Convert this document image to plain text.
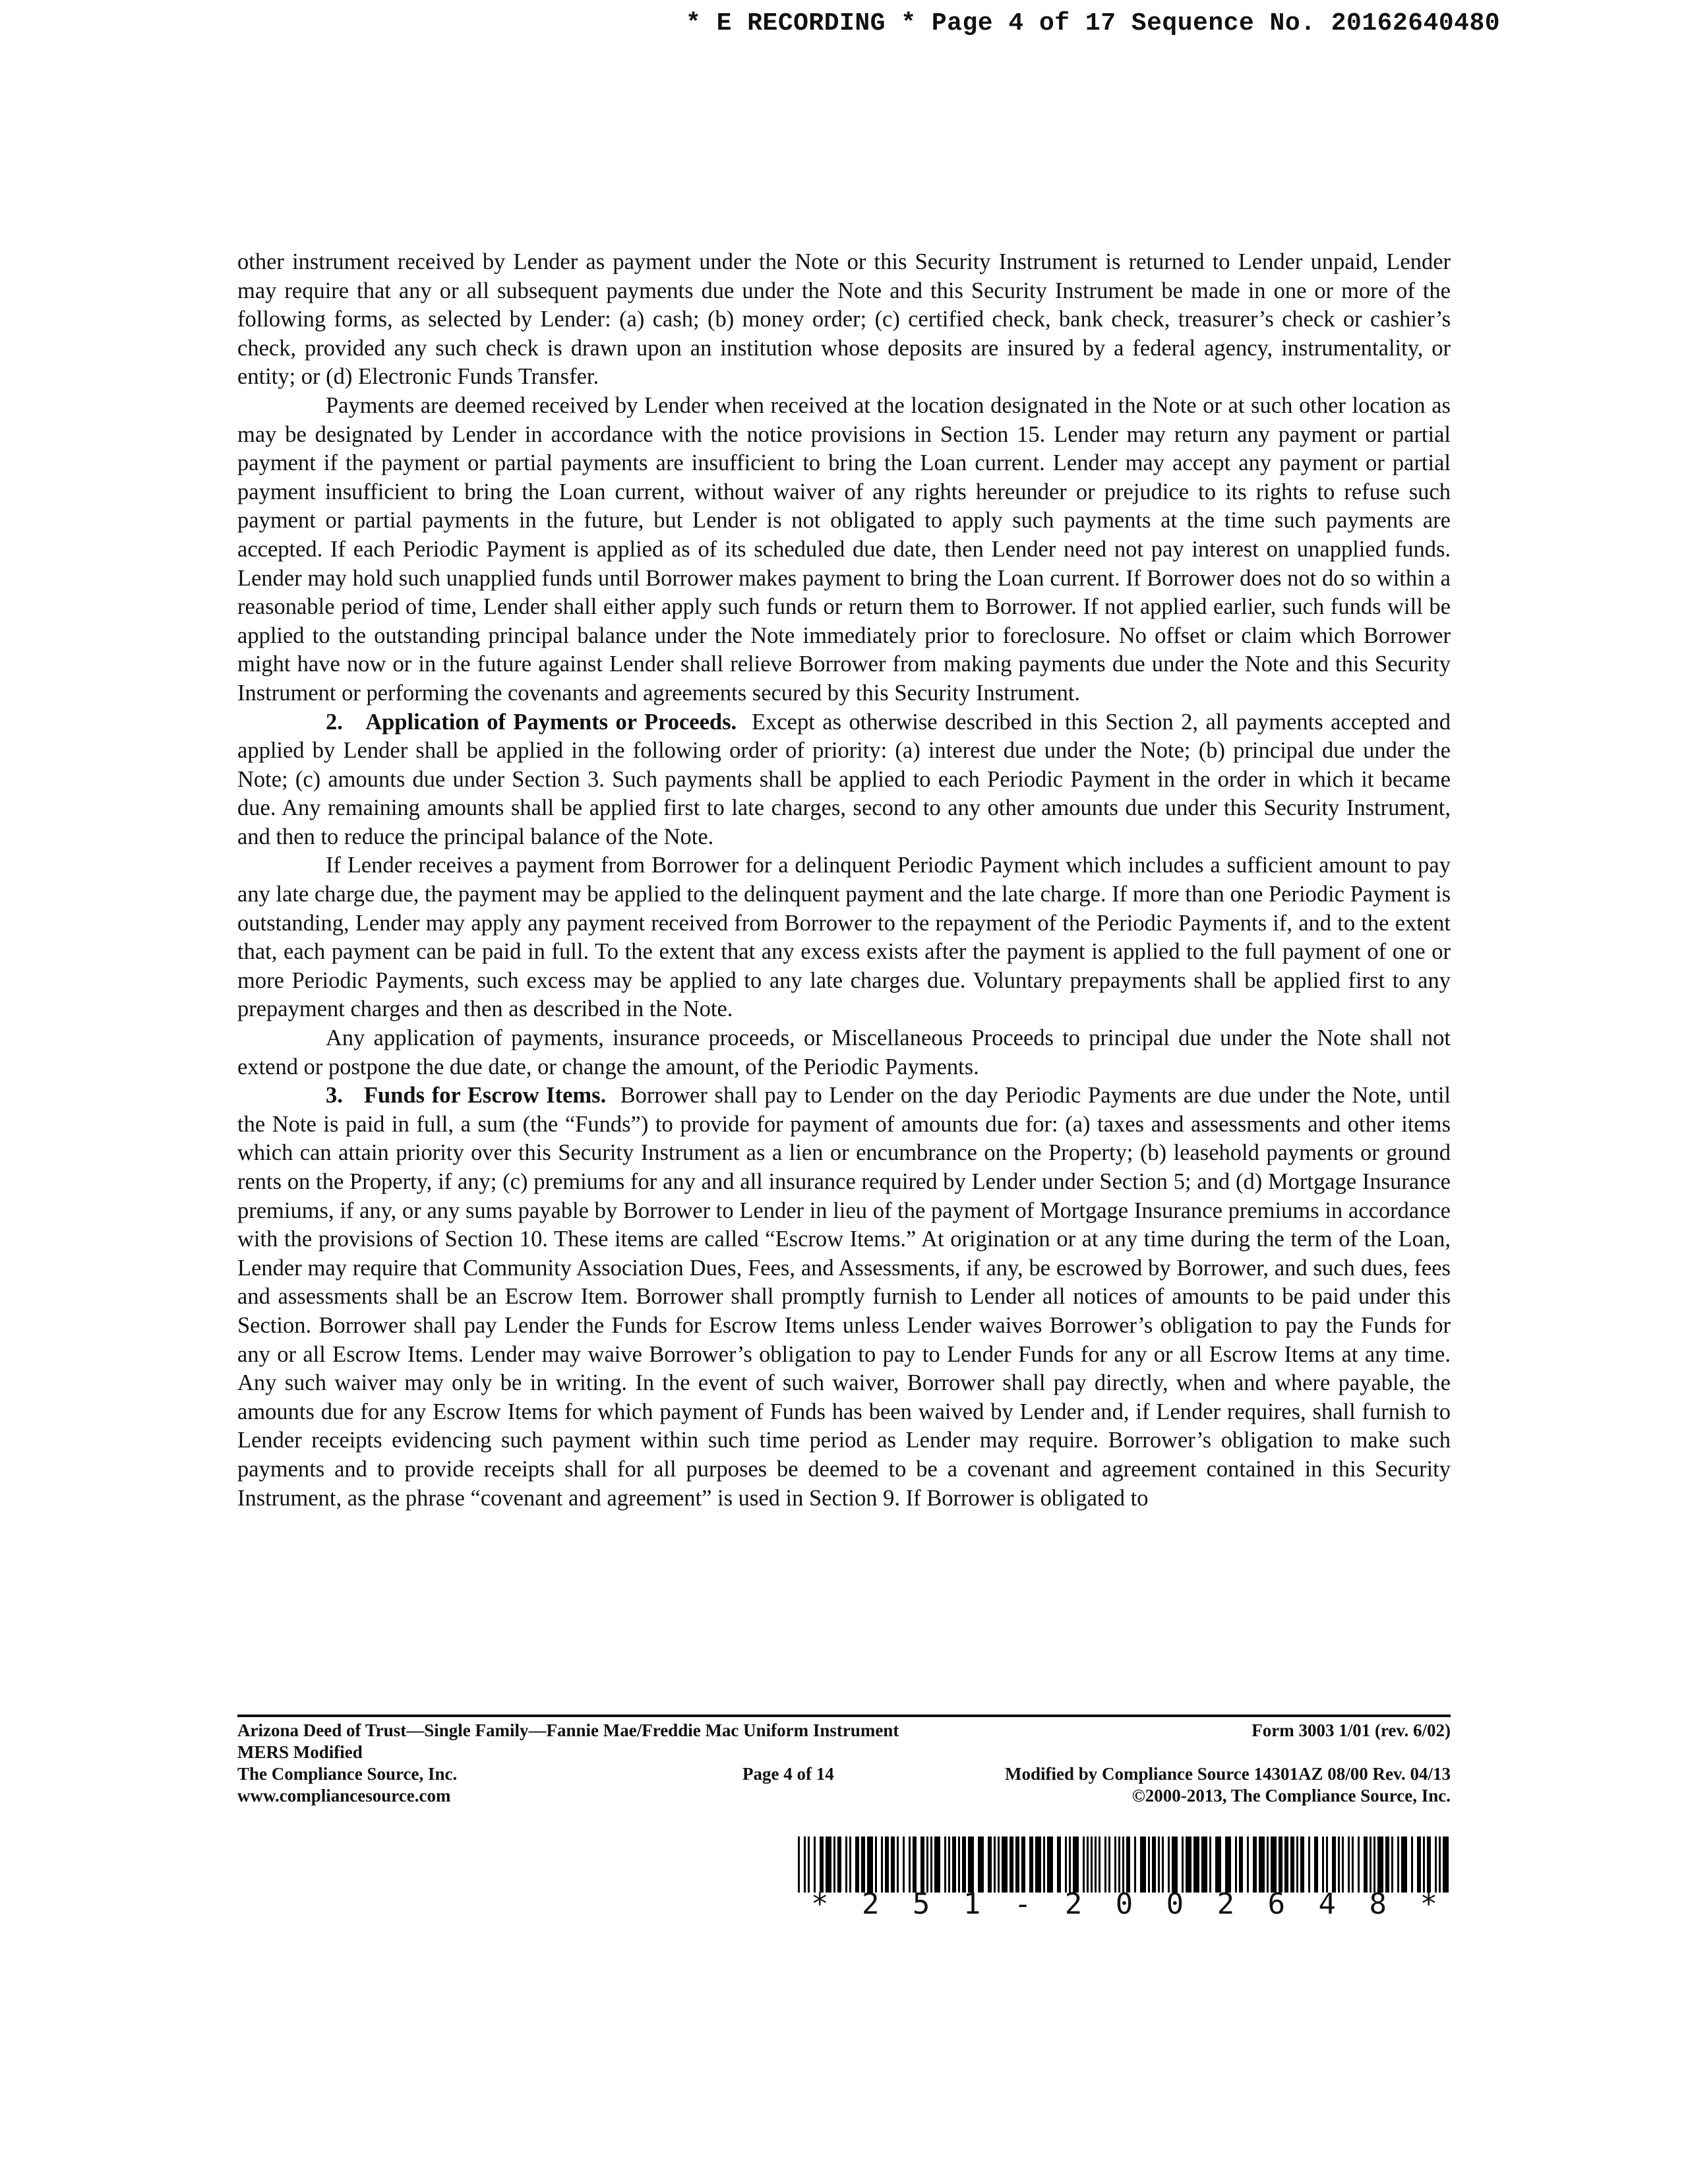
* E RECORDING * Page 4 of 17 Sequence No. 20162640480

other instrument received by Lender as payment under the Note or this Security Instrument is returned to Lender unpaid, Lender may require that any or all subsequent payments due under the Note and this Security Instrument be made in one or more of the following forms, as selected by Lender: (a) cash; (b) money order; (c) certified check, bank check, treasurer’s check or cashier’s check, provided any such check is drawn upon an institution whose deposits are insured by a federal agency, instrumentality, or entity; or (d) Electronic Funds Transfer.

Payments are deemed received by Lender when received at the location designated in the Note or at such other location as may be designated by Lender in accordance with the notice provisions in Section 15. Lender may return any payment or partial payment if the payment or partial payments are insufficient to bring the Loan current. Lender may accept any payment or partial payment insufficient to bring the Loan current, without waiver of any rights hereunder or prejudice to its rights to refuse such payment or partial payments in the future, but Lender is not obligated to apply such payments at the time such payments are accepted. If each Periodic Payment is applied as of its scheduled due date, then Lender need not pay interest on unapplied funds. Lender may hold such unapplied funds until Borrower makes payment to bring the Loan current. If Borrower does not do so within a reasonable period of time, Lender shall either apply such funds or return them to Borrower. If not applied earlier, such funds will be applied to the outstanding principal balance under the Note immediately prior to foreclosure. No offset or claim which Borrower might have now or in the future against Lender shall relieve Borrower from making payments due under the Note and this Security Instrument or performing the covenants and agreements secured by this Security Instrument.

2. Application of Payments or Proceeds. Except as otherwise described in this Section 2, all payments accepted and applied by Lender shall be applied in the following order of priority: (a) interest due under the Note; (b) principal due under the Note; (c) amounts due under Section 3. Such payments shall be applied to each Periodic Payment in the order in which it became due. Any remaining amounts shall be applied first to late charges, second to any other amounts due under this Security Instrument, and then to reduce the principal balance of the Note.

If Lender receives a payment from Borrower for a delinquent Periodic Payment which includes a sufficient amount to pay any late charge due, the payment may be applied to the delinquent payment and the late charge. If more than one Periodic Payment is outstanding, Lender may apply any payment received from Borrower to the repayment of the Periodic Payments if, and to the extent that, each payment can be paid in full. To the extent that any excess exists after the payment is applied to the full payment of one or more Periodic Payments, such excess may be applied to any late charges due. Voluntary prepayments shall be applied first to any prepayment charges and then as described in the Note.

Any application of payments, insurance proceeds, or Miscellaneous Proceeds to principal due under the Note shall not extend or postpone the due date, or change the amount, of the Periodic Payments.

3. Funds for Escrow Items. Borrower shall pay to Lender on the day Periodic Payments are due under the Note, until the Note is paid in full, a sum (the “Funds”) to provide for payment of amounts due for: (a) taxes and assessments and other items which can attain priority over this Security Instrument as a lien or encumbrance on the Property; (b) leasehold payments or ground rents on the Property, if any; (c) premiums for any and all insurance required by Lender under Section 5; and (d) Mortgage Insurance premiums, if any, or any sums payable by Borrower to Lender in lieu of the payment of Mortgage Insurance premiums in accordance with the provisions of Section 10. These items are called “Escrow Items.” At origination or at any time during the term of the Loan, Lender may require that Community Association Dues, Fees, and Assessments, if any, be escrowed by Borrower, and such dues, fees and assessments shall be an Escrow Item. Borrower shall promptly furnish to Lender all notices of amounts to be paid under this Section. Borrower shall pay Lender the Funds for Escrow Items unless Lender waives Borrower’s obligation to pay the Funds for any or all Escrow Items. Lender may waive Borrower’s obligation to pay to Lender Funds for any or all Escrow Items at any time. Any such waiver may only be in writing. In the event of such waiver, Borrower shall pay directly, when and where payable, the amounts due for any Escrow Items for which payment of Funds has been waived by Lender and, if Lender requires, shall furnish to Lender receipts evidencing such payment within such time period as Lender may require. Borrower’s obligation to make such payments and to provide receipts shall for all purposes be deemed to be a covenant and agreement contained in this Security Instrument, as the phrase “covenant and agreement” is used in Section 9. If Borrower is obligated to

Arizona Deed of Trust—Single Family—Fannie Mae/Freddie Mac Uniform Instrument	Form 3003 1/01 (rev. 6/02)
MERS Modified
The Compliance Source, Inc.
www.compliancesource.com
Page 4 of 14	Modified by Compliance Source 14301AZ 08/00 Rev. 04/13
©2000-2013, The Compliance Source, Inc.
* 2 5 1 - 2 0 0 2 6 4 8 *
